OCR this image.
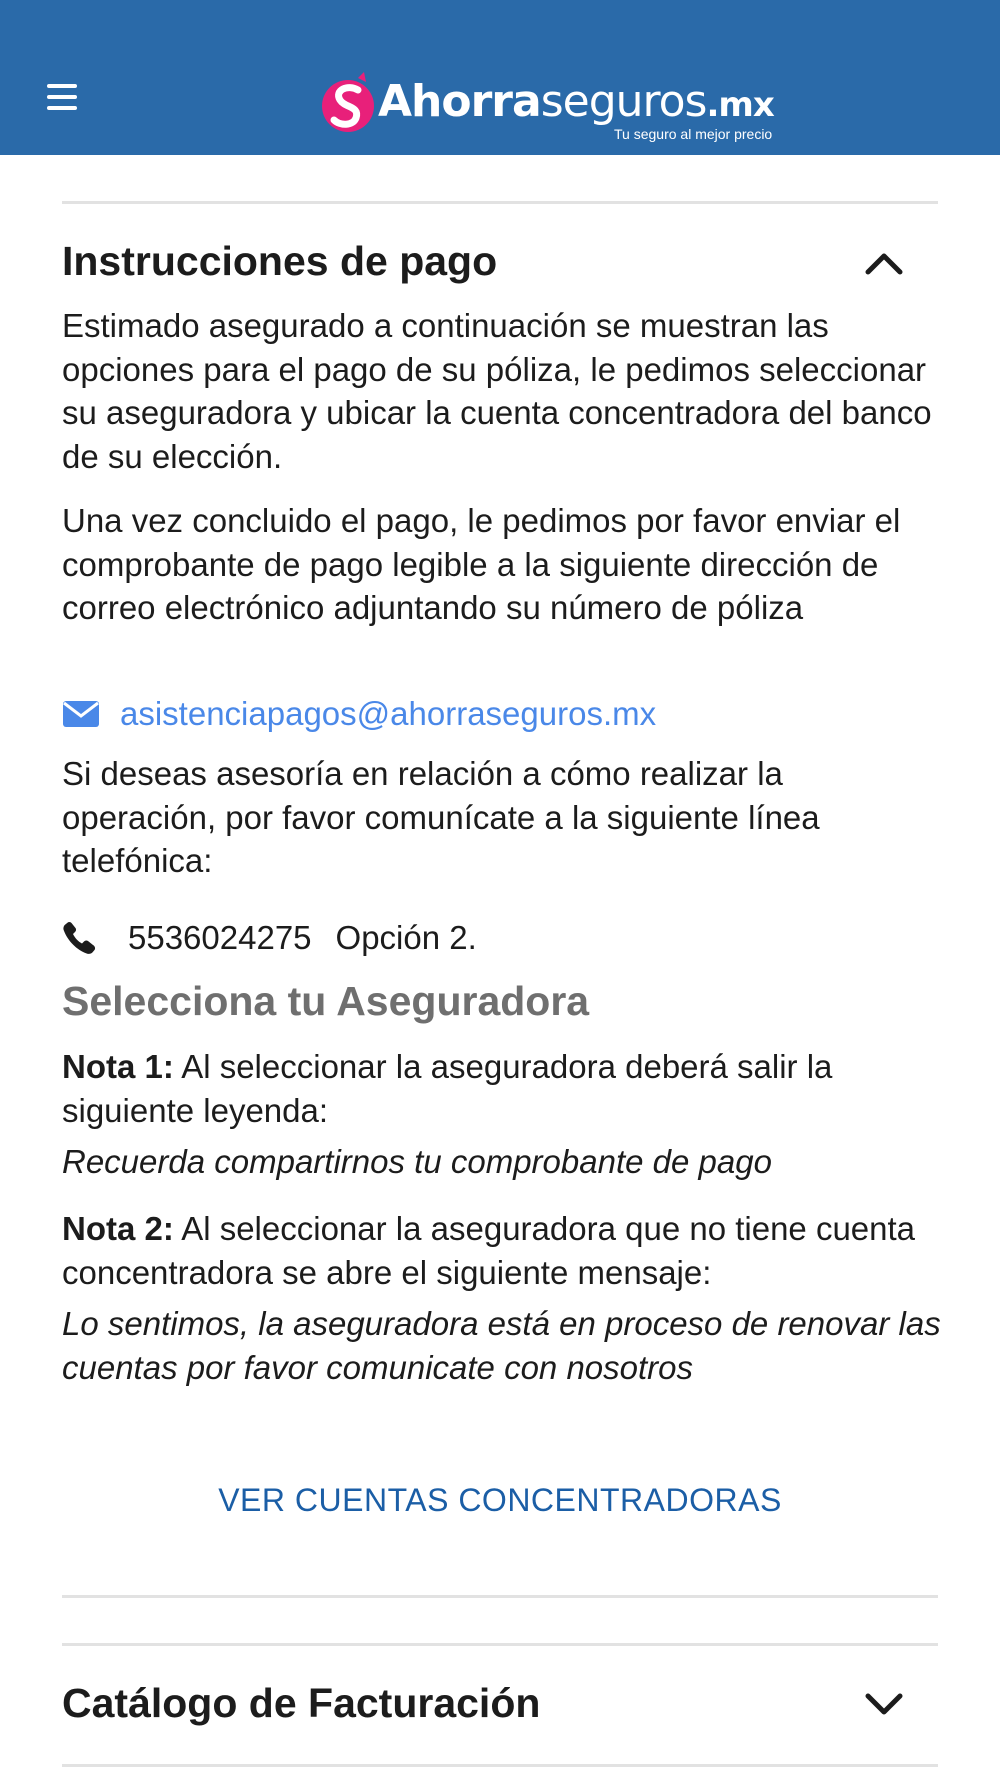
Ahorraseguros.mx
Tu seguro al mejor precio
Instrucciones de pago
Estimado asegurado a continuación se muestran las opciones para el pago de su póliza, le pedimos seleccionar su aseguradora y ubicar la cuenta concentradora del banco de su elección.
Una vez concluido el pago, le pedimos por favor enviar el comprobante de pago legible a la siguiente dirección de correo electrónico adjuntando su número de póliza
asistenciapagos@ahorraseguros.mx
Si deseas asesoría en relación a cómo realizar la operación, por favor comunícate a la siguiente línea telefónica:
5536024275 Opción 2.
Selecciona tu Aseguradora
Nota 1: Al seleccionar la aseguradora deberá salir la siguiente leyenda:
Recuerda compartirnos tu comprobante de pago
Nota 2: Al seleccionar la aseguradora que no tiene cuenta concentradora se abre el siguiente mensaje:
Lo sentimos, la aseguradora está en proceso de renovar las cuentas por favor comunicate con nosotros
VER CUENTAS CONCENTRADORAS
Catálogo de Facturación
